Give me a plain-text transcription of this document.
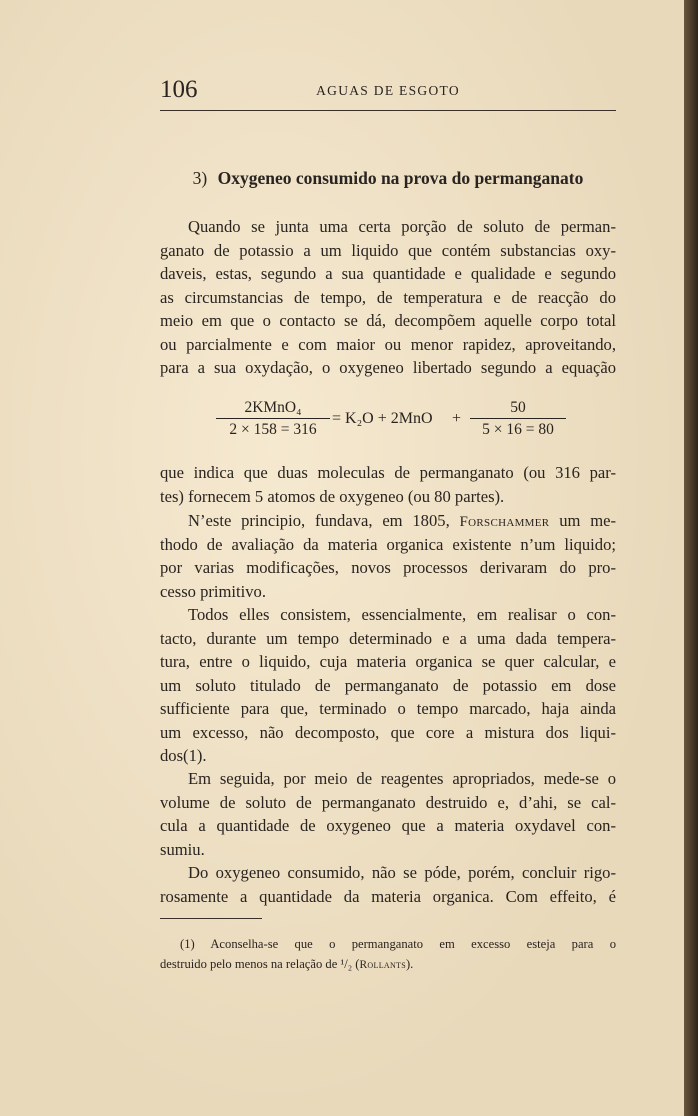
106	AGUAS DE ESGOTO
3) Oxygeneo consumido na prova do permanganato
Quando se junta uma certa porção de soluto de perman-
ganato de potassio a um liquido que contém substancias oxy-
daveis, estas, segundo a sua quantidade e qualidade e segundo
as circumstancias de tempo, de temperatura e de reacção do
meio em que o contacto se dá, decompõem aquelle corpo total
ou parcialmente e com maior ou menor rapidez, aproveitando,
para a sua oxydação, o oxygeneo libertado segundo a equação
2KMnO₄
2 × 158 = 316
= $K_2O + 2MnO + \frac{50}{5 \times 16 = 80}$
que indica que duas moleculas de permanganato (ou 316 par-
tes) fornecem 5 atomos de oxygeneo (ou 80 partes).
N’este principio, fundava, em 1805, Forschammer um me-
thodo de avaliação da materia organica existente n’um liquido;
por varias modificações, novos processos derivaram do pro-
cesso primitivo.
Todos elles consistem, essencialmente, em realisar o con-
tacto, durante um tempo determinado e a uma dada tempera-
tura, entre o liquido, cuja materia organica se quer calcular, e
um soluto titulado de permanganato de potassio em dose
sufficiente para que, terminado o tempo marcado, haja ainda
um excesso, não decomposto, que core a mistura dos liqui-
dos(1).
Em seguida, por meio de reagentes apropriados, mede-se o
volume de soluto de permanganato destruido e, d’ahi, se cal-
cula a quantidade de oxygeneo que a materia oxydavel con-
sumiu.
Do oxygeneo consumido, não se póde, porém, concluir rigo-
rosamente a quantidade da materia organica. Com effeito, é
(1) Aconselha-se que o permanganato em excesso esteja para o
destruido pelo menos na relação de ¹/₂ (Rollants).
